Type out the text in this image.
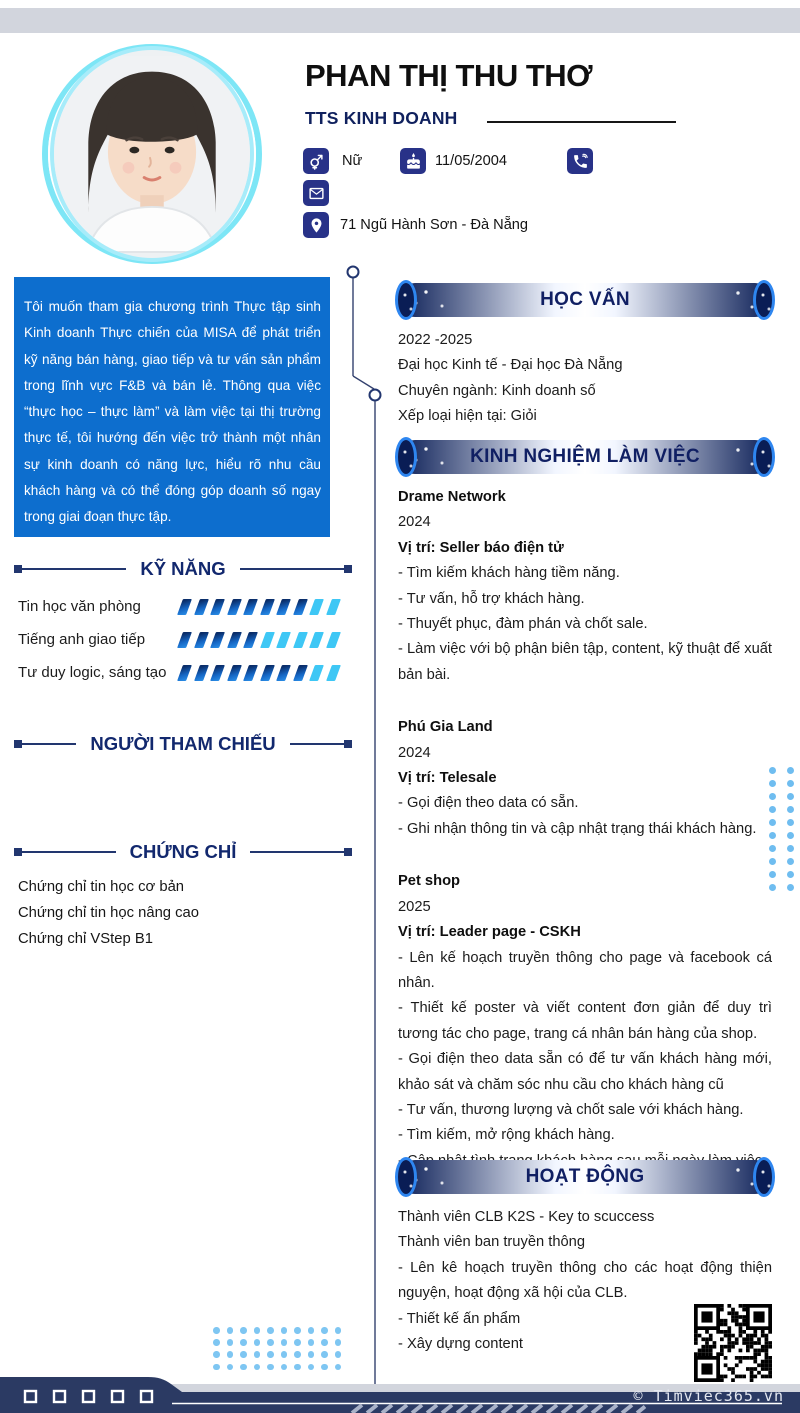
PHAN THỊ THU THƠ
TTS KINH DOANH
Nữ	11/05/2004
71 Ngũ Hành Sơn - Đà Nẵng
Tôi muốn tham gia chương trình Thực tập sinh Kinh doanh Thực chiến của MISA để phát triển kỹ năng bán hàng, giao tiếp và tư vấn sản phẩm trong lĩnh vực F&B và bán lẻ. Thông qua việc “thực học – thực làm” và làm việc tại thị trường thực tế, tôi hướng đến việc trở thành một nhân sự kinh doanh có năng lực, hiểu rõ nhu cầu khách hàng và có thể đóng góp doanh số ngay trong giai đoạn thực tập.
KỸ NĂNG
Tin học văn phòng
Tiếng anh giao tiếp
Tư duy logic, sáng tạo
NGƯỜI THAM CHIẾU
CHỨNG CHỈ
Chứng chỉ tin học cơ bản
Chứng chỉ tin học nâng cao
Chứng chỉ VStep B1
HỌC VẤN
2022 -2025
Đại học Kinh tế - Đại học Đà Nẵng
Chuyên ngành: Kinh doanh số
Xếp loại hiện tại: Giỏi
KINH NGHIỆM LÀM VIỆC
Drame Network
2024
Vị trí: Seller báo điện tử
- Tìm kiếm khách hàng tiềm năng.
- Tư vấn, hỗ trợ khách hàng.
- Thuyết phục, đàm phán và chốt sale.
- Làm việc với bộ phận biên tập, content, kỹ thuật để xuất bản bài.
Phú Gia Land
2024
Vị trí: Telesale
- Gọi điện theo data có sẵn.
- Ghi nhận thông tin và cập nhật trạng thái khách hàng.
Pet shop
2025
Vị trí: Leader page - CSKH
- Lên kế hoạch truyền thông cho page và facebook cá nhân.
- Thiết kế poster và viết content đơn giản để duy trì tương tác cho page, trang cá nhân bán hàng của shop.
- Gọi điện theo data sẵn có để tư vấn khách hàng mới, khảo sát và chăm sóc nhu cầu cho khách hàng cũ
- Tư vấn, thương lượng và chốt sale với khách hàng.
- Tìm kiếm, mở rộng khách hàng.
HOẠT ĐỘNG
Thành viên CLB K2S - Key to scuccess
Thành viên ban truyền thông
- Lên kê hoạch truyền thông cho các hoạt động thiện nguyện, hoạt động xã hội của CLB.
- Thiết kế ấn phẩm
- Xây dựng content
© Timviec365.vn
